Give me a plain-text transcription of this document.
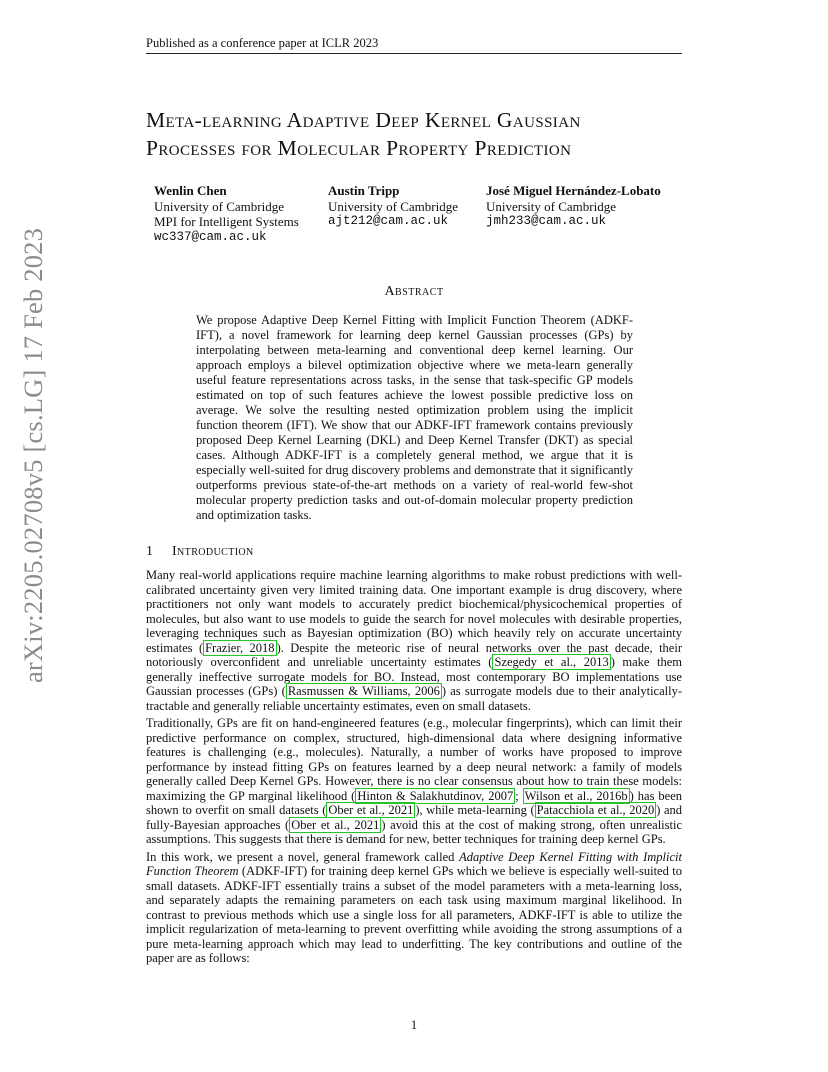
Published as a conference paper at ICLR 2023
arXiv:2205.02708v5 [cs.LG] 17 Feb 2023
Meta-learning Adaptive Deep Kernel Gaussian
Processes for Molecular Property Prediction
Wenlin Chen
University of Cambridge
MPI for Intelligent Systems
wc337@cam.ac.uk
Austin Tripp
University of Cambridge
ajt212@cam.ac.uk
José Miguel Hernández-Lobato
University of Cambridge
jmh233@cam.ac.uk
Abstract

We propose Adaptive Deep Kernel Fitting with Implicit Function Theorem (ADKF-IFT), a novel framework for learning deep kernel Gaussian processes (GPs) by interpolating between meta-learning and conventional deep kernel learning. Our approach employs a bilevel optimization objective where we meta-learn generally useful feature representations across tasks, in the sense that task-specific GP models estimated on top of such features achieve the lowest possible predictive loss on average. We solve the resulting nested optimization problem using the implicit function theorem (IFT). We show that our ADKF-IFT framework contains previously proposed Deep Kernel Learning (DKL) and Deep Kernel Transfer (DKT) as special cases. Although ADKF-IFT is a completely general method, we argue that it is especially well-suited for drug discovery problems and demonstrate that it significantly outperforms previous state-of-the-art methods on a variety of real-world few-shot molecular property prediction tasks and out-of-domain molecular property prediction and optimization tasks.

1 Introduction

Many real-world applications require machine learning algorithms to make robust predictions with well-calibrated uncertainty given very limited training data. One important example is drug discovery, where practitioners not only want models to accurately predict biochemical/physicochemical properties of molecules, but also want to use models to guide the search for novel molecules with desirable properties, leveraging techniques such as Bayesian optimization (BO) which heavily rely on accurate uncertainty estimates ( Frazier, 2018 ). Despite the meteoric rise of neural networks over the past decade, their notoriously overconfident and unreliable uncertainty estimates ( Szegedy et al., 2013 ) make them generally ineffective surrogate models for BO. Instead, most contemporary BO implementations use Gaussian processes (GPs) ( Rasmussen & Williams, 2006 ) as surrogate models due to their analytically-tractable and generally reliable uncertainty estimates, even on small datasets.

Traditionally, GPs are fit on hand-engineered features (e.g., molecular fingerprints), which can limit their predictive performance on complex, structured, high-dimensional data where designing informative features is challenging (e.g., molecules). Naturally, a number of works have proposed to improve performance by instead fitting GPs on features learned by a deep neural network: a family of models generally called Deep Kernel GPs. However, there is no clear consensus about how to train these models: maximizing the GP marginal likelihood ( Hinton & Salakhutdinov, 2007 ; Wilson et al., 2016b ) has been shown to overfit on small datasets ( Ober et al., 2021 ), while meta-learning ( Patacchiola et al., 2020 ) and fully-Bayesian approaches ( Ober et al., 2021 ) avoid this at the cost of making strong, often unrealistic assumptions. This suggests that there is demand for new, better techniques for training deep kernel GPs.

In this work, we present a novel, general framework called Adaptive Deep Kernel Fitting with Implicit Function Theorem (ADKF-IFT) for training deep kernel GPs which we believe is especially well-suited to small datasets. ADKF-IFT essentially trains a subset of the model parameters with a meta-learning loss, and separately adapts the remaining parameters on each task using maximum marginal likelihood. In contrast to previous methods which use a single loss for all parameters, ADKF-IFT is able to utilize the implicit regularization of meta-learning to prevent overfitting while avoiding the strong assumptions of a pure meta-learning approach which may lead to underfitting. The key contributions and outline of the paper are as follows:

1
